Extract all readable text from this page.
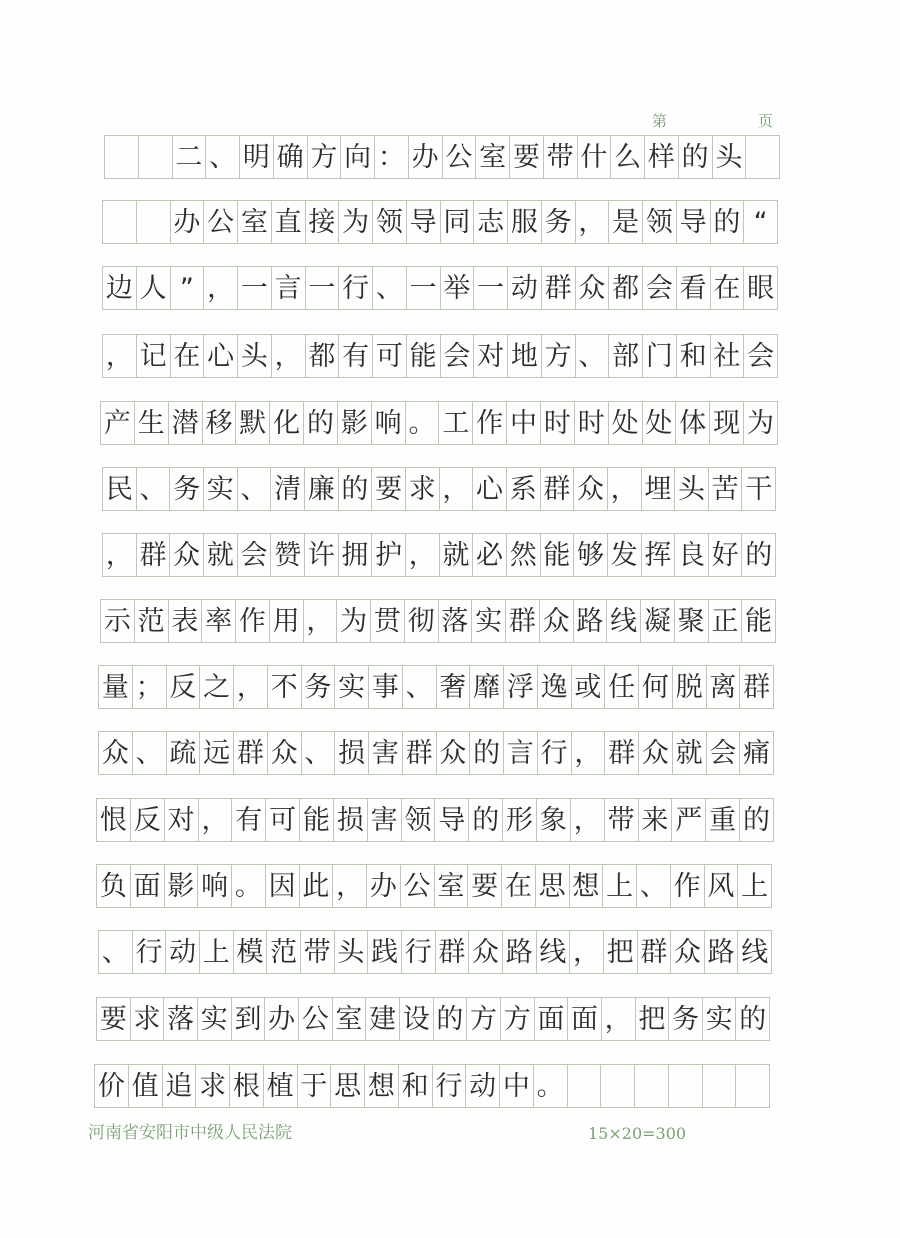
第	页
二 、 明 确 方 向 ： 办 公 室 要 带 什 么 样 的 头
办 公 室 直 接 为 领 导 同 志 服 务 ， 是 领 导 的 “
边 人 ” ， 一 言 一 行 、 一 举 一 动 群 众 都 会 看 在 眼
， 记 在 心 头 ， 都 有 可 能 会 对 地 方 、 部 门 和 社 会
产 生 潜 移 默 化 的 影 响 。 工 作 中 时 时 处 处 体 现 为
民 、 务 实 、 清 廉 的 要 求 ， 心 系 群 众 ， 埋 头 苦 干
， 群 众 就 会 赞 许 拥 护 ， 就 必 然 能 够 发 挥 良 好 的
示 范 表 率 作 用 ， 为 贯 彻 落 实 群 众 路 线 凝 聚 正 能
量 ； 反 之 ， 不 务 实 事 、 奢 靡 浮 逸 或 任 何 脱 离 群
众 、 疏 远 群 众 、 损 害 群 众 的 言 行 ， 群 众 就 会 痛
恨 反 对 ， 有 可 能 损 害 领 导 的 形 象 ， 带 来 严 重 的
负 面 影 响 。 因 此 ， 办 公 室 要 在 思 想 上 、 作 风 上
、 行 动 上 模 范 带 头 践 行 群 众 路 线 ， 把 群 众 路 线
要 求 落 实 到 办 公 室 建 设 的 方 方 面 面 ， 把 务 实 的
价 值 追 求 根 植 于 思 想 和 行 动 中 。
河南省安阳市中级人民法院	15×20=300
